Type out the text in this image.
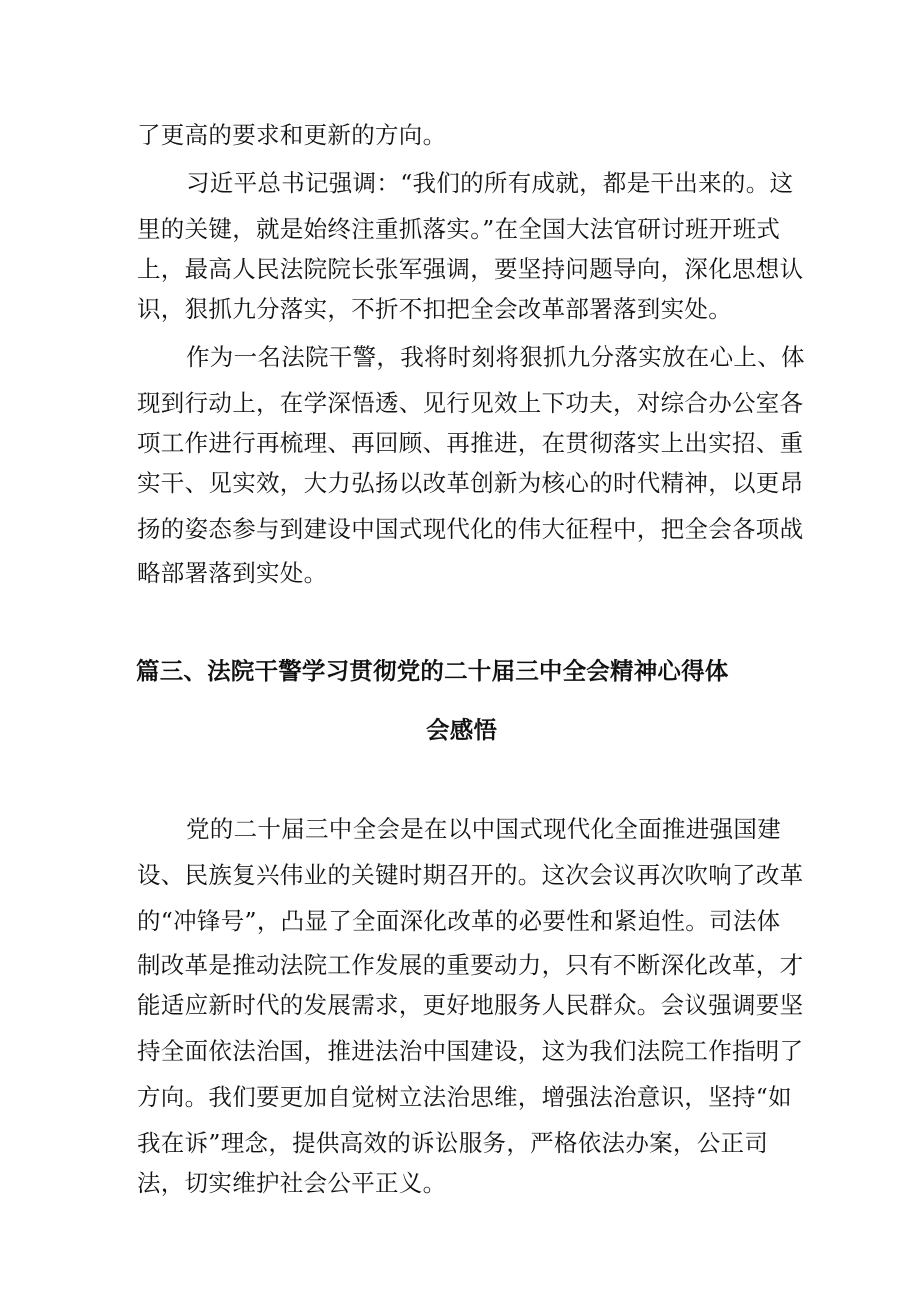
了更高的要求和更新的方向。
习近平总书记强调：“我们的所有成就，都是干出来的。这
里的关键，就是始终注重抓落实。”在全国大法官研讨班开班式
上，最高人民法院院长张军强调，要坚持问题导向，深化思想认
识，狠抓九分落实，不折不扣把全会改革部署落到实处。
作为一名法院干警，我将时刻将狠抓九分落实放在心上、体
现到行动上，在学深悟透、见行见效上下功夫，对综合办公室各
项工作进行再梳理、再回顾、再推进，在贯彻落实上出实招、重
实干、见实效，大力弘扬以改革创新为核心的时代精神，以更昂
扬的姿态参与到建设中国式现代化的伟大征程中，把全会各项战
略部署落到实处。
篇三、法院干警学习贯彻党的二十届三中全会精神心得体
会感悟
党的二十届三中全会是在以中国式现代化全面推进强国建
设、民族复兴伟业的关键时期召开的。这次会议再次吹响了改革
的“冲锋号”，凸显了全面深化改革的必要性和紧迫性。司法体
制改革是推动法院工作发展的重要动力，只有不断深化改革，才
能适应新时代的发展需求，更好地服务人民群众。会议强调要坚
持全面依法治国，推进法治中国建设，这为我们法院工作指明了
方向。我们要更加自觉树立法治思维，增强法治意识，坚持“如
我在诉”理念，提供高效的诉讼服务，严格依法办案，公正司
法，切实维护社会公平正义。
